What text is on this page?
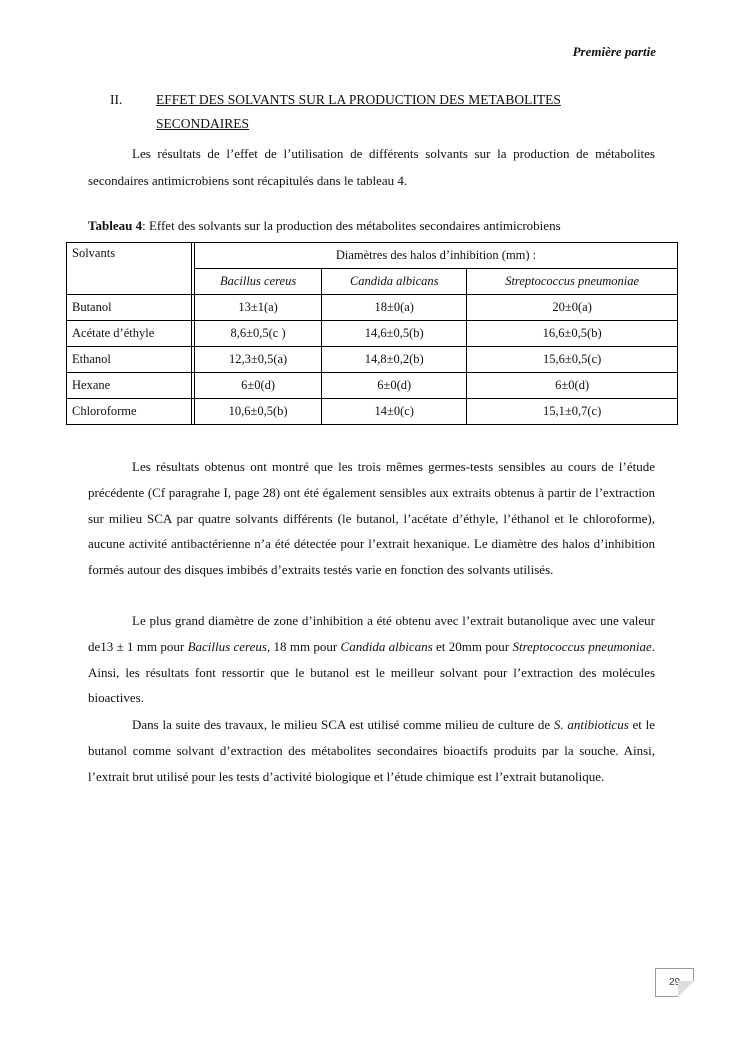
Première partie
II. EFFET DES SOLVANTS SUR LA PRODUCTION DES METABOLITES SECONDAIRES
Les résultats de l’effet de l’utilisation de différents solvants sur la production de métabolites secondaires antimicrobiens sont récapitulés dans le tableau 4.
Tableau 4: Effet des solvants sur la production des métabolites secondaires antimicrobiens
Solvants		Diamètres des halos d’inhibition (mm) :		
		Bacillus cereus	Candida albicans	Streptococcus pneumoniae
Butanol		13±1(a)	18±0(a)	20±0(a)
Acétate d’éthyle		8,6±0,5(c )	14,6±0,5(b)	16,6±0,5(b)
Ethanol		12,3±0,5(a)	14,8±0,2(b)	15,6±0,5(c)
Hexane		6±0(d)	6±0(d)	6±0(d)
Chloroforme		10,6±0,5(b)	14±0(c)	15,1±0,7(c)
Les résultats obtenus ont montré que les trois mêmes germes-tests sensibles au cours de l’étude précédente (Cf paragrahe I, page 28) ont été également sensibles aux extraits obtenus à partir de l’extraction sur milieu SCA par quatre solvants différents (le butanol, l’acétate d’éthyle, l’éthanol et le chloroforme), aucune activité antibactérienne n’a été détectée pour l’extrait hexanique. Le diamètre des halos d’inhibition formés autour des disques imbibés d’extraits testés varie en fonction des solvants utilisés.
Le plus grand diamètre de zone d’inhibition a été obtenu avec l’extrait butanolique avec une valeur de13 ± 1 mm pour Bacillus cereus, 18 mm pour Candida albicans et 20mm pour Streptococcus pneumoniae. Ainsi, les résultats font ressortir que le butanol est le meilleur solvant pour l’extraction des molécules bioactives.
Dans la suite des travaux, le milieu SCA est utilisé comme milieu de culture de S. antibioticus et le butanol comme solvant d’extraction des métabolites secondaires bioactifs produits par la souche. Ainsi, l’extrait brut utilisé pour les tests d’activité biologique et l’étude chimique est l’extrait butanolique.
29
